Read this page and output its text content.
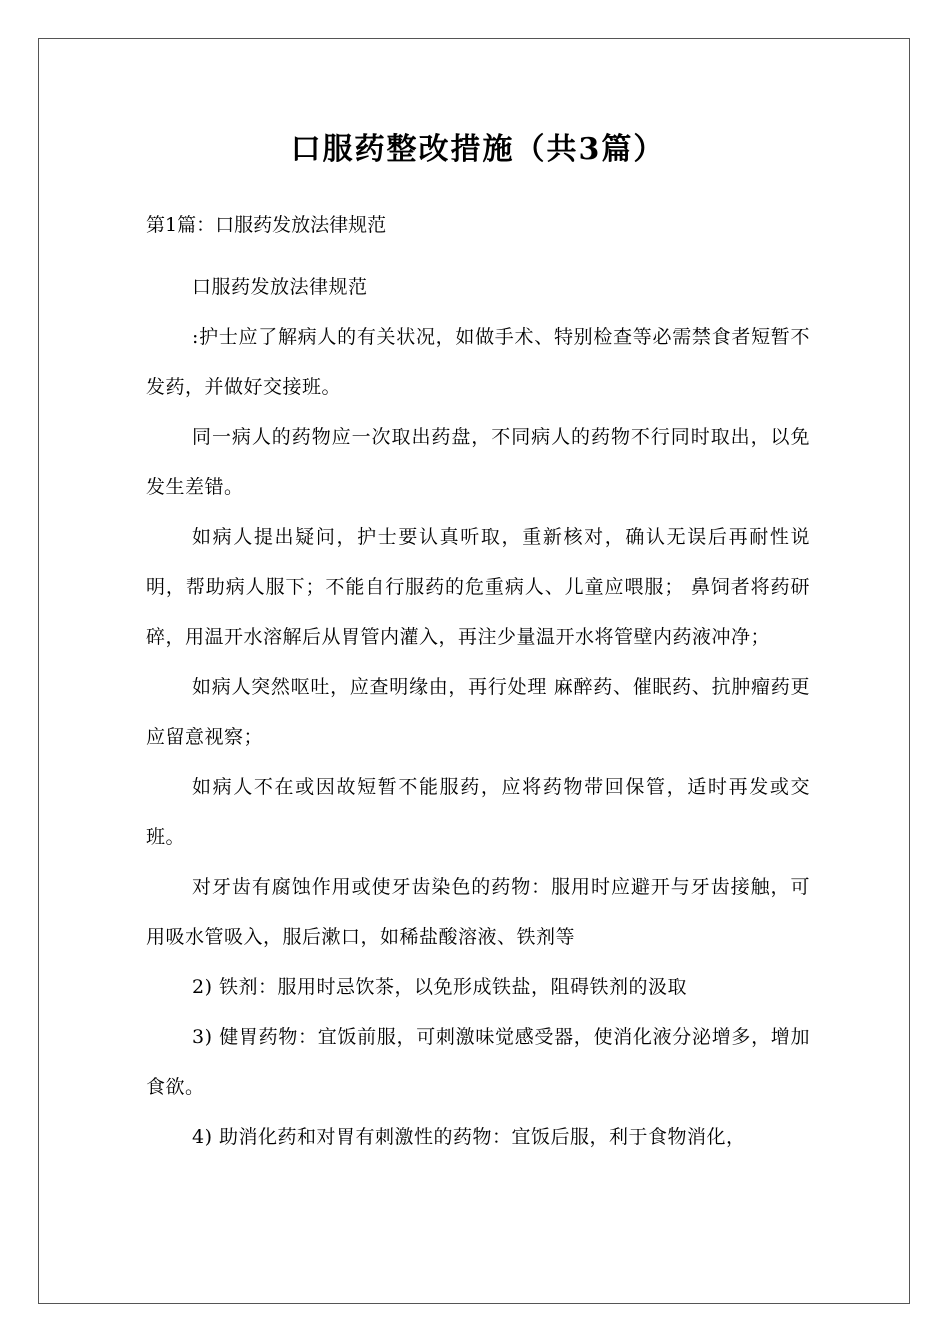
口服药整改措施（共3篇）
第1篇：口服药发放法律规范

口服药发放法律规范

:护士应了解病人的有关状况，如做手术、特别检查等必需禁食者短暂不发药，并做好交接班。

同一病人的药物应一次取出药盘，不同病人的药物不行同时取出，以免发生差错。

如病人提出疑问，护士要认真听取，重新核对，确认无误后再耐性说明，帮助病人服下；不能自行服药的危重病人、儿童应喂服； 鼻饲者将药研碎，用温开水溶解后从胃管内灌入，再注少量温开水将管壁内药液冲净；

如病人突然呕吐，应查明缘由，再行处理 麻醉药、催眠药、抗肿瘤药更应留意视察；

如病人不在或因故短暂不能服药，应将药物带回保管，适时再发或交班。

对牙齿有腐蚀作用或使牙齿染色的药物：服用时应避开与牙齿接触，可用吸水管吸入，服后漱口，如稀盐酸溶液、铁剂等

2) 铁剂：服用时忌饮茶，以免形成铁盐，阻碍铁剂的汲取

3) 健胃药物：宜饭前服，可刺激味觉感受器，使消化液分泌增多，增加食欲。

4) 助消化药和对胃有刺激性的药物：宜饭后服，利于食物消化，
